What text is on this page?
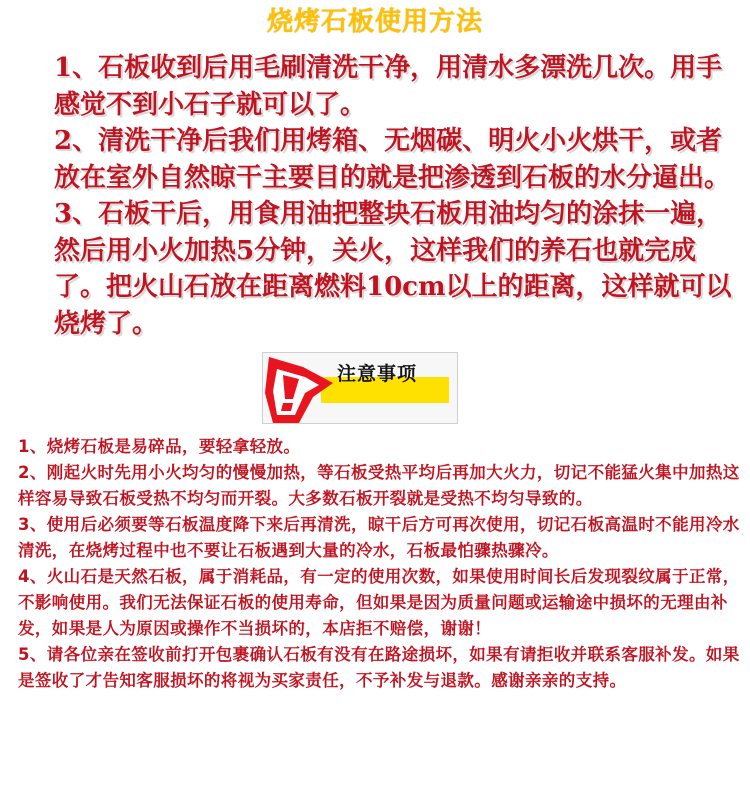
烧烤石板使用方法

1、石板收到后用毛刷清洗干净，用清水多漂洗几次。用手感觉不到小石子就可以了。

2、清洗干净后我们用烤箱、无烟碳、明火小火烘干，或者放在室外自然晾干主要目的就是把渗透到石板的水分逼出。

3、石板干后，用食用油把整块石板用油均匀的涂抹一遍，然后用小火加热5分钟，关火，这样我们的养石也就完成了。把火山石放在距离燃料10cm以上的距离，这样就可以烧烤了。

注意事项

1、烧烤石板是易碎品，要轻拿轻放。

2、刚起火时先用小火均匀的慢慢加热，等石板受热平均后再加大火力，切记不能猛火集中加热这样容易导致石板受热不均匀而开裂。大多数石板开裂就是受热不均匀导致的。

3、使用后必须要等石板温度降下来后再清洗，晾干后方可再次使用，切记石板高温时不能用冷水清洗，在烧烤过程中也不要让石板遇到大量的冷水，石板最怕骤热骤冷。

4、火山石是天然石板，属于消耗品，有一定的使用次数，如果使用时间长后发现裂纹属于正常，不影响使用。我们无法保证石板的使用寿命，但如果是因为质量问题或运输途中损坏的无理由补发，如果是人为原因或操作不当损坏的，本店拒不赔偿，谢谢！

5、请各位亲在签收前打开包裹确认石板有没有在路途损坏，如果有请拒收并联系客服补发。如果是签收了才告知客服损坏的将视为买家责任，不予补发与退款。感谢亲亲的支持。
